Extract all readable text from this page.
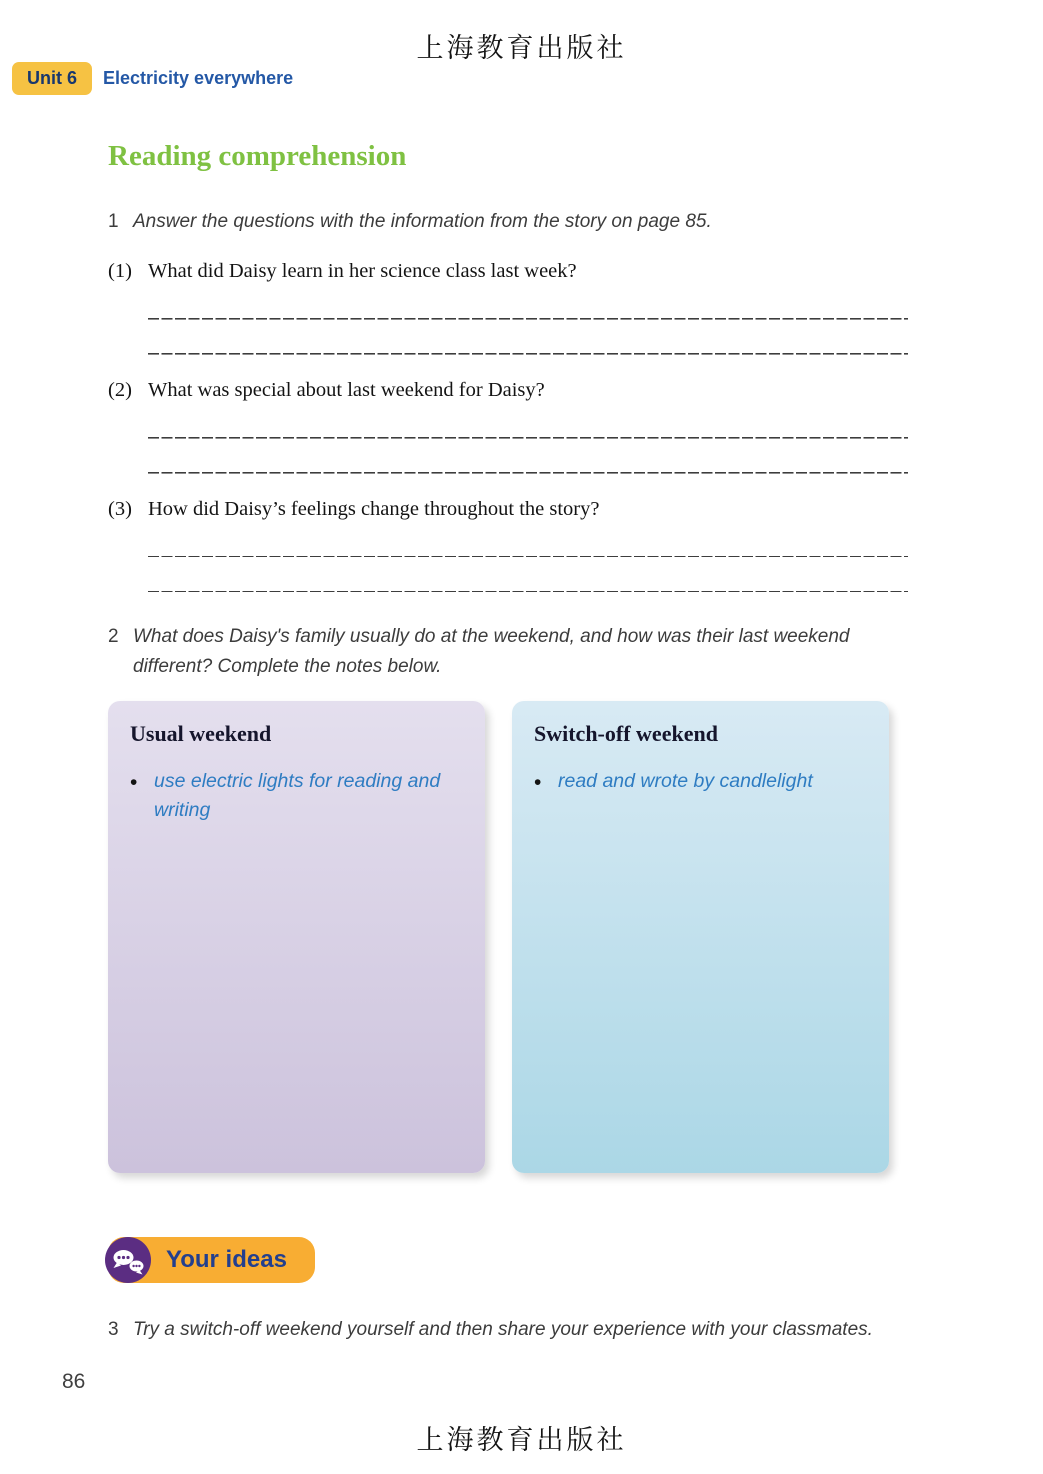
上海教育出版社
Unit 6	Electricity everywhere
Reading comprehension
1 Answer the questions with the information from the story on page 85.
(1) What did Daisy learn in her science class last week?
(2) What was special about last weekend for Daisy?
(3) How did Daisy’s feelings change throughout the story?
2 What does Daisy's family usually do at the weekend, and how was their last weekend different? Complete the notes below.
Usual weekend
• use electric lights for reading and writing
Switch-off weekend
• read and wrote by candlelight
Your ideas
3 Try a switch-off weekend yourself and then share your experience with your classmates.
86
上海教育出版社
